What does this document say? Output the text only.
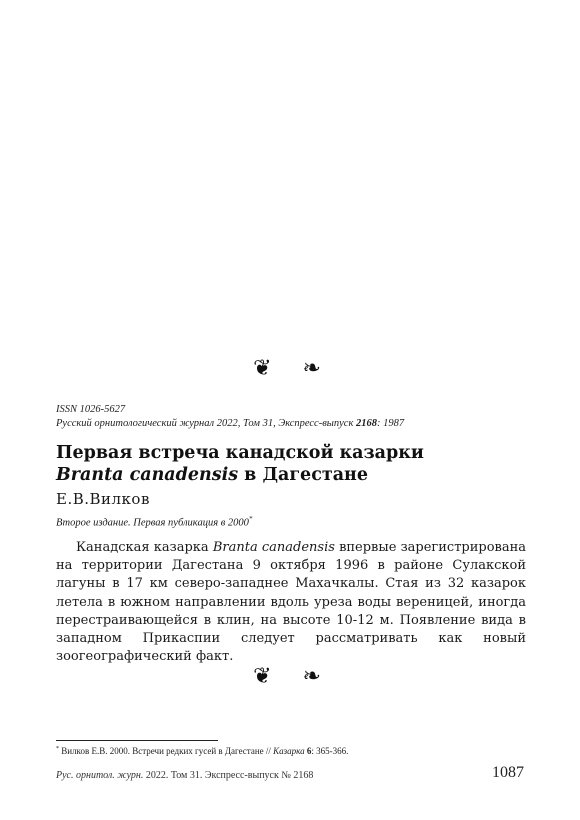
❦ ❧
ISSN 1026-5627
Русский орнитологический журнал 2022, Том 31, Экспресс-выпуск 2168: 1987
Первая встреча канадской казарки
Branta canadensis в Дагестане
Е.В.Вилков
Второе издание. Первая публикация в 2000*

Канадская казарка Branta canadensis впервые зарегистрирована на территории Дагестана 9 октября 1996 в районе Сулакской лагуны в 17 км северо-западнее Махачкалы. Стая из 32 казарок летела в южном направлении вдоль уреза воды вереницей, иногда перестраивающейся в клин, на высоте 10-12 м. Появление вида в западном Прикаспии следует рассматривать как новый зоогеографический факт.

❦ ❧
* Вилков Е.В. 2000. Встречи редких гусей в Дагестане // Казарка 6: 365-366.
Рус. орнитол. журн. 2022. Том 31. Экспресс-выпуск № 2168	1087
